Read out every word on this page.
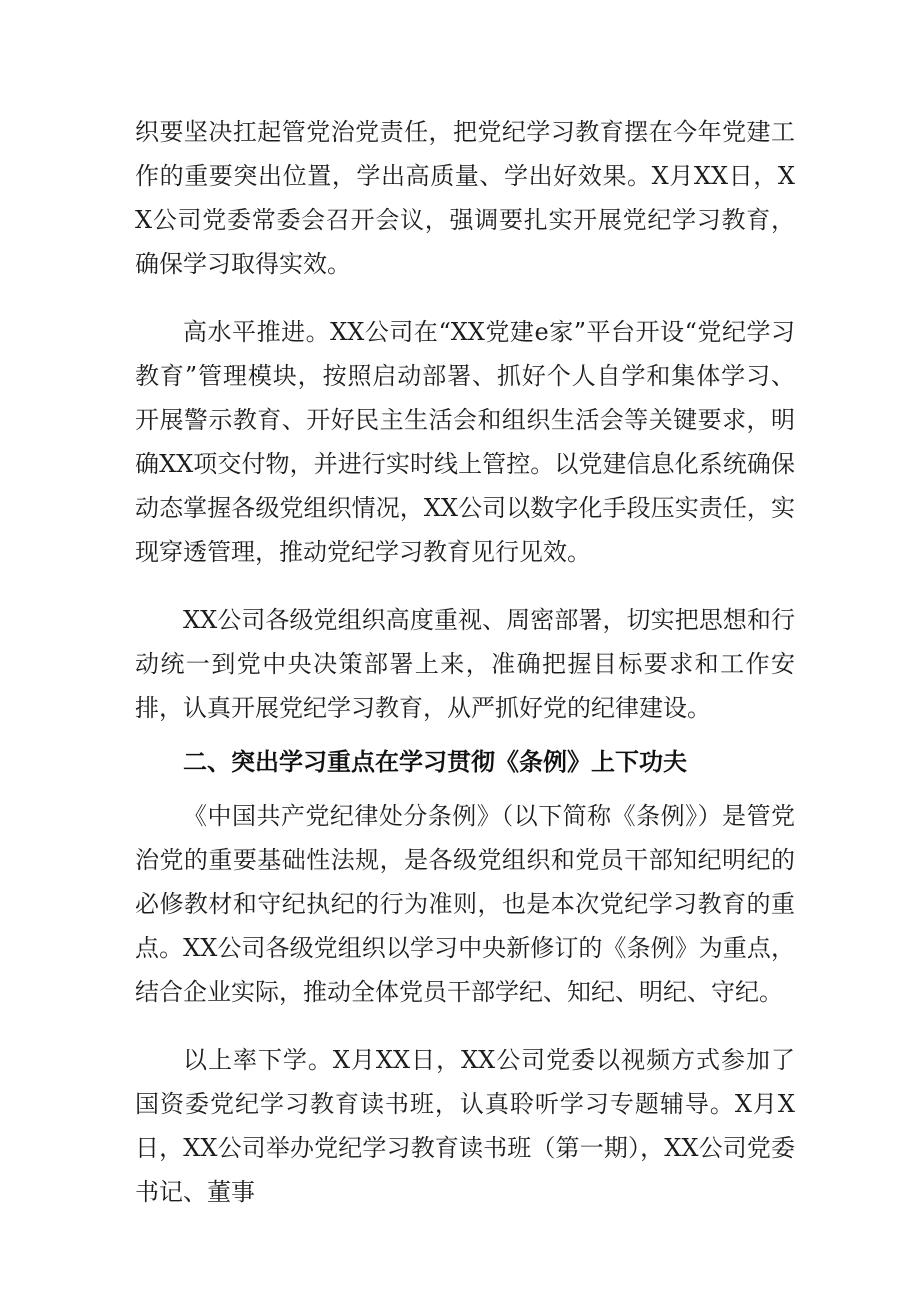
织要坚决扛起管党治党责任，把党纪学习教育摆在今年党建工作的重要突出位置，学出高质量、学出好效果。X月XX日，XX公司党委常委会召开会议，强调要扎实开展党纪学习教育，确保学习取得实效。

高水平推进。XX公司在“XX党建e家”平台开设“党纪学习教育”管理模块，按照启动部署、抓好个人自学和集体学习、开展警示教育、开好民主生活会和组织生活会等关键要求，明确XX项交付物，并进行实时线上管控。以党建信息化系统确保动态掌握各级党组织情况，XX公司以数字化手段压实责任，实现穿透管理，推动党纪学习教育见行见效。

XX公司各级党组织高度重视、周密部署，切实把思想和行动统一到党中央决策部署上来，准确把握目标要求和工作安排，认真开展党纪学习教育，从严抓好党的纪律建设。

二、突出学习重点在学习贯彻《条例》上下功夫

《中国共产党纪律处分条例》（以下简称《条例》）是管党治党的重要基础性法规，是各级党组织和党员干部知纪明纪的必修教材和守纪执纪的行为准则，也是本次党纪学习教育的重点。XX公司各级党组织以学习中央新修订的《条例》为重点，结合企业实际，推动全体党员干部学纪、知纪、明纪、守纪。

以上率下学。X月XX日，XX公司党委以视频方式参加了国资委党纪学习教育读书班，认真聆听学习专题辅导。X月X日，XX公司举办党纪学习教育读书班（第一期），XX公司党委书记、董事
